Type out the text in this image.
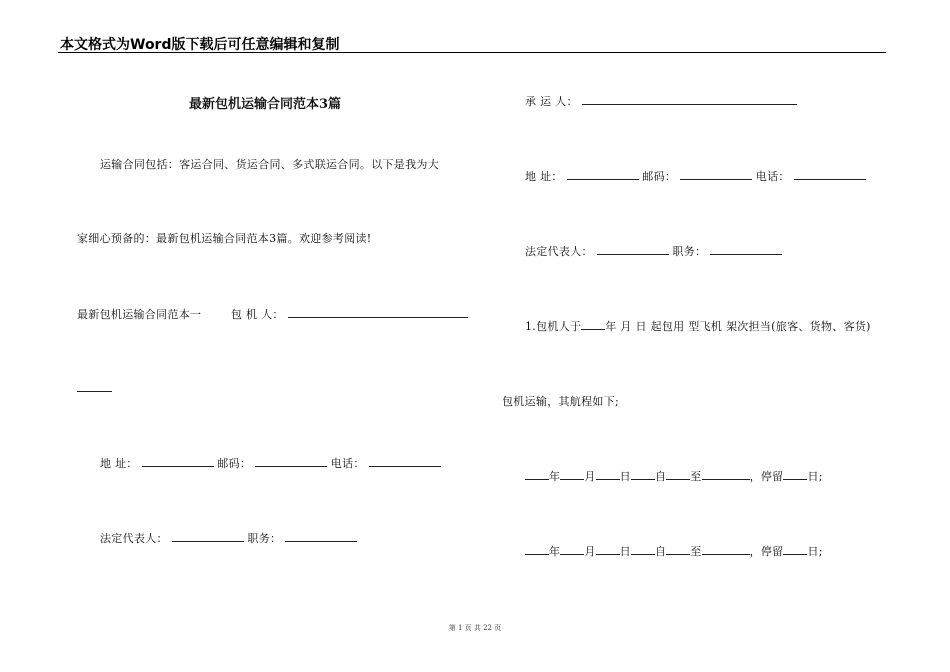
本文格式为Word版下载后可任意编辑和复制
最新包机运输合同范本3篇
运输合同包括：客运合同、货运合同、多式联运合同。以下是我为大
家细心预备的：最新包机运输合同范本3篇。欢迎参考阅读!
最新包机运输合同范本一	包 机 人：
地 址：	邮码：	电话：
法定代表人：	职务：
承 运 人：
地 址：	邮码：	电话：
法定代表人：	职务：
1.包机人于 年 月 日 起包用 型飞机 架次担当(旅客、货物、客货)
包机运输，其航程如下;
年 月 日 自 至	，停留 日;
年 月 日 自 至	，停留 日;
第 1 页 共 22 页
